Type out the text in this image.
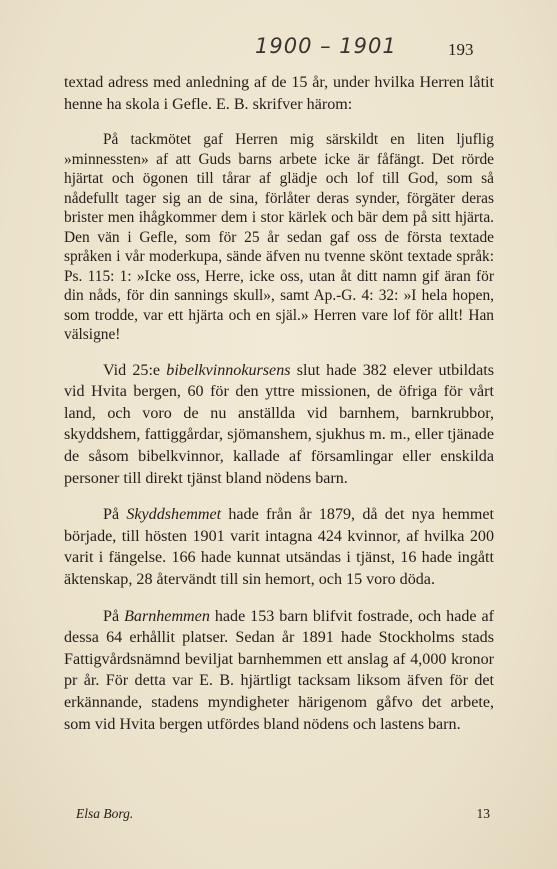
1900 – 1901	193

textad adress med anledning af de 15 år, under hvilka Herren låtit henne ha skola i Gefle. E. B. skrifver härom:

På tackmötet gaf Herren mig särskildt en liten ljuflig »minnessten» af att Guds barns arbete icke är fåfängt. Det rörde hjärtat och ögonen till tårar af glädje och lof till God, som så nådefullt tager sig an de sina, förlåter deras synder, förgäter deras brister men ihågkommer dem i stor kärlek och bär dem på sitt hjärta. Den vän i Gefle, som för 25 år sedan gaf oss de första textade språken i vår moderkupa, sände äfven nu tvenne skönt textade språk: Ps. 115: 1: »Icke oss, Herre, icke oss, utan åt ditt namn gif äran för din nåds, för din sannings skull», samt Ap.-G. 4: 32: »I hela hopen, som trodde, var ett hjärta och en själ.» Herren vare lof för allt! Han välsigne!

Vid 25:e bibelkvinnokursens slut hade 382 elever utbildats vid Hvita bergen, 60 för den yttre missionen, de öfriga för vårt land, och voro de nu anställda vid barnhem, barnkrubbor, skyddshem, fattiggårdar, sjömanshem, sjukhus m. m., eller tjänade de såsom bibelkvinnor, kallade af församlingar eller enskilda personer till direkt tjänst bland nödens barn.

På Skyddshemmet hade från år 1879, då det nya hemmet började, till hösten 1901 varit intagna 424 kvinnor, af hvilka 200 varit i fängelse. 166 hade kunnat utsändas i tjänst, 16 hade ingått äktenskap, 28 återvändt till sin hemort, och 15 voro döda.

På Barnhemmen hade 153 barn blifvit fostrade, och hade af dessa 64 erhållit platser. Sedan år 1891 hade Stockholms stads Fattigvårdsnämnd beviljat barnhemmen ett anslag af 4,000 kronor pr år. För detta var E. B. hjärtligt tacksam liksom äfven för det erkännande, stadens myndigheter härigenom gåfvo det arbete, som vid Hvita bergen utfördes bland nödens och lastens barn.

Elsa Borg.	13
